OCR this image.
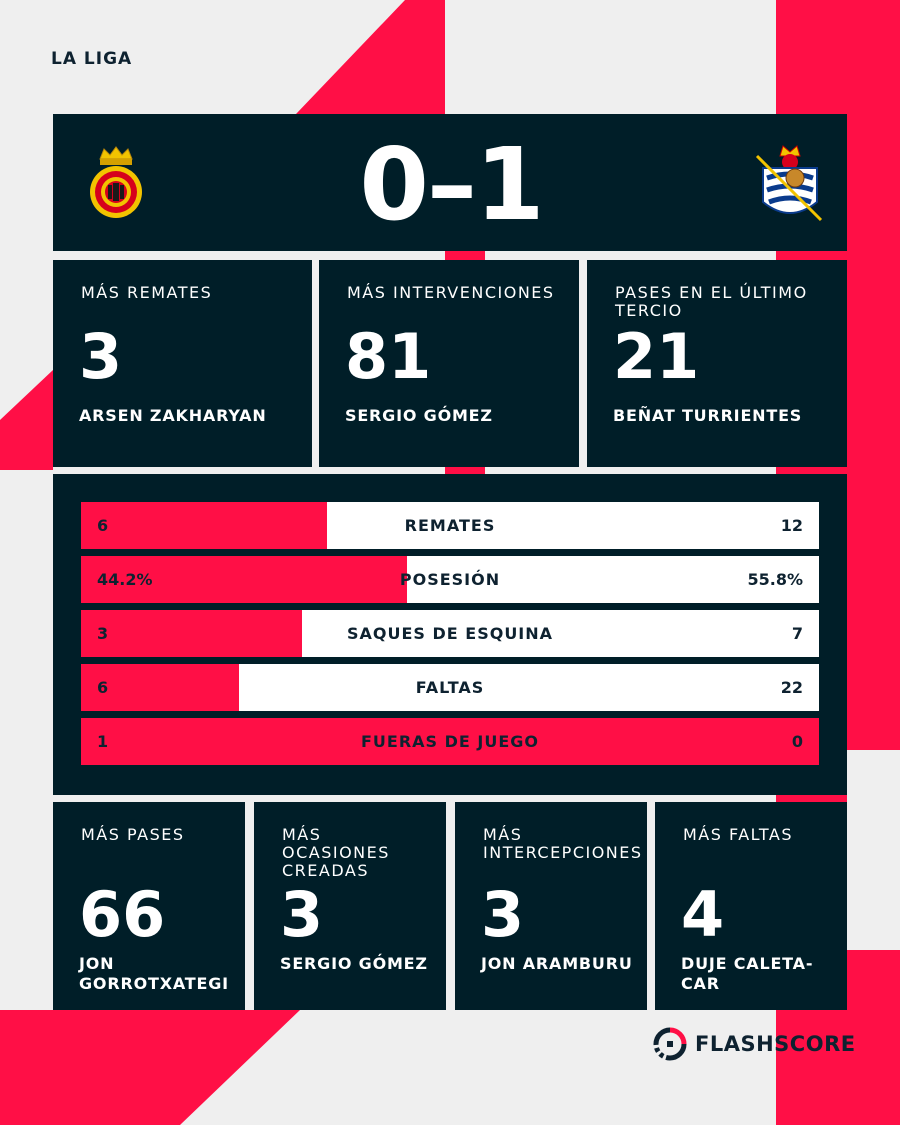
LA LIGA
0–1
MÁS REMATES
3
ARSEN ZAKHARYAN
MÁS INTERVENCIONES
81
SERGIO GÓMEZ
PASES EN EL ÚLTIMO TERCIO
21
BEÑAT TURRIENTES
6	REMATES	12
44.2%	POSESIÓN	55.8%
3	SAQUES DE ESQUINA	7
6	FALTAS	22
1	FUERAS DE JUEGO	0
MÁS PASES
66
JON GORROTXATEGI
MÁS OCASIONES CREADAS
3
SERGIO GÓMEZ
MÁS INTERCEPCIONES
3
JON ARAMBURU
MÁS FALTAS
4
DUJE CALETA-CAR
FLASHSCORE
